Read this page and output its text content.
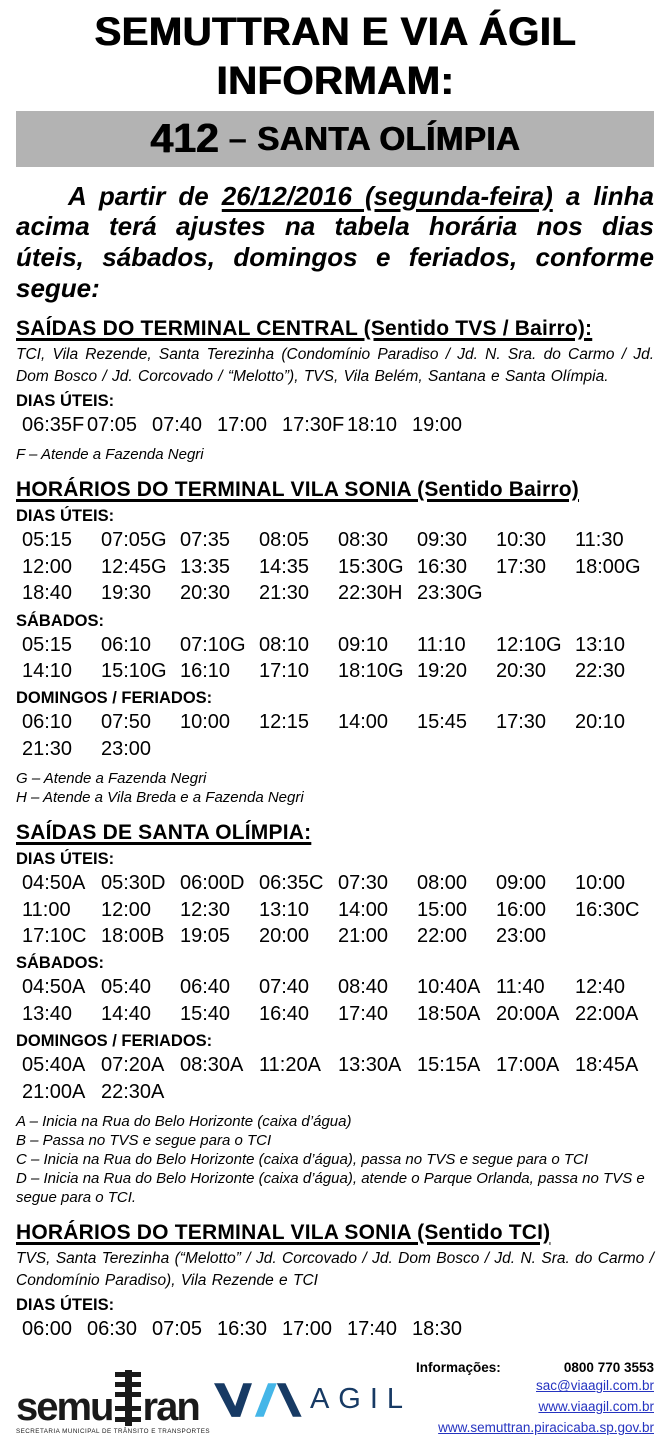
SEMUTTRAN E VIA ÁGIL
INFORMAM:
412 – SANTA OLÍMPIA

A partir de 26/12/2016 (segunda-feira) a linha acima terá ajustes na tabela horária nos dias úteis, sábados, domingos e feriados, conforme segue:

SAÍDAS DO TERMINAL CENTRAL (Sentido TVS / Bairro):

TCI, Vila Rezende, Santa Terezinha (Condomínio Paradiso / Jd. N. Sra. do Carmo / Jd. Dom Bosco / Jd. Corcovado / “Melotto”), TVS, Vila Belém, Santana e Santa Olímpia.

DIAS ÚTEIS:
06:35F 07:05 07:40 17:00 17:30F 18:10 19:00
F – Atende a Fazenda Negri
HORÁRIOS DO TERMINAL VILA SONIA (Sentido Bairro)
DIAS ÚTEIS:
05:15	07:05G 07:35	08:05	08:30	09:30	10:30	11:30
12:00	12:45G 13:35	14:35	15:30G 16:30	17:30	18:00G
18:40	19:30	20:30	21:30	22:30H 23:30G
SÁBADOS:
05:15	06:10	07:10G 08:10	09:10	11:10	12:10G 13:10
14:10	15:10G 16:10	17:10	18:10G 19:20	20:30	22:30
DOMINGOS / FERIADOS:
06:10	07:50	10:00	12:15	14:00	15:45	17:30	20:10
21:30	23:00
G – Atende a Fazenda Negri
H – Atende a Vila Breda e a Fazenda Negri
SAÍDAS DE SANTA OLÍMPIA:
DIAS ÚTEIS:
04:50A 05:30D 06:00D 06:35C 07:30	08:00	09:00	10:00
11:00	12:00	12:30	13:10	14:00	15:00	16:00	16:30C
17:10C 18:00B 19:05	20:00	21:00	22:00	23:00
SÁBADOS:
04:50A 05:40	06:40	07:40	08:40	10:40A 11:40	12:40
13:40	14:40	15:40	16:40	17:40	18:50A 20:00A 22:00A
DOMINGOS / FERIADOS:
05:40A 07:20A 08:30A 11:20A 13:30A 15:15A 17:00A 18:45A
21:00A 22:30A
A – Inicia na Rua do Belo Horizonte (caixa d’água)
B – Passa no TVS e segue para o TCI
C – Inicia na Rua do Belo Horizonte (caixa d’água), passa no TVS e segue para o TCI
D – Inicia na Rua do Belo Horizonte (caixa d’água), atende o Parque Orlanda, passa no TVS e segue para o TCI.
HORÁRIOS DO TERMINAL VILA SONIA (Sentido TCI)

TVS, Santa Terezinha (“Melotto” / Jd. Corcovado / Jd. Dom Bosco / Jd. N. Sra. do Carmo / Condomínio Paradiso), Vila Rezende e TCI

DIAS ÚTEIS:
06:00 06:30 07:05 16:30 17:00 17:40 18:30
semu ran
SECRETARIA MUNICIPAL DE TRÂNSITO E TRANSPORTES
AGIL
Informações:	0800 770 3553
sac@viaagil.com.br
www.viaagil.com.br
www.semuttran.piracicaba.sp.gov.br
